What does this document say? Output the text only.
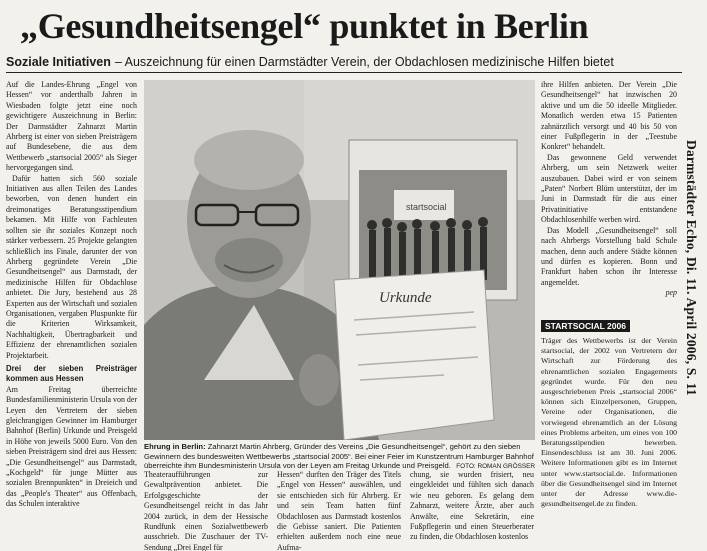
„Gesundheitsengel“ punktet in Berlin
Soziale Initiativen – Auszeichnung für einen Darmstädter Verein, der Obdachlosen medizinische Hilfen bietet

Auf die Landes-Ehrung „Engel von Hessen“ vor anderthalb Jahren in Wiesbaden folgte jetzt eine noch gewichtigere Auszeichnung in Berlin: Der Darmstädter Zahnarzt Martin Ahrberg ist einer von sieben Preisträgern auf Bundesebene, die aus dem Wettbewerb „startsocial 2005“ als Sieger hervorgegangen sind.

Dafür hatten sich 560 soziale Initiativen aus allen Teilen des Landes beworben, von denen hundert ein dreimonatiges Beratungsstipendium bekamen. Mit Hilfe von Fachleuten sollten sie ihr soziales Konzept noch stärker verbessern. 25 Projekte gelangten schließlich ins Finale, darunter der von Ahrberg gegründete Verein „Die Gesundheitsengel“ aus Darmstadt, der medizinische Hilfen für Obdachlose anbietet. Die Jury, bestehend aus 28 Experten aus der Wirtschaft und sozialen Organisationen, vergaben Pluspunkte für die Kriterien Wirksamkeit, Nachhaltigkeit, Übertragbarkeit und Effizienz der ehrenamtlichen sozialen Projektarbeit.

Drei der sieben Preisträger kommen aus Hessen

Am Freitag überreichte Bundesfamilienministerin Ursula von der Leyen den Vertretern der sieben gleichrangigen Gewinner im Hamburger Bahnhof (Berlin) Urkunde und Preisgeld in Höhe von jeweils 5000 Euro. Von den sieben Preisträgern sind drei aus Hessen: „Die Gesundheitsengel“ aus Darmstadt, „Kochgeld“ für junge Mütter aus sozialen Brennpunkten“ in Dreieich und das „People's Theater“ aus Offenbach, das Schulen interaktive

startsocial
Urkunde
Ehrung in Berlin: Zahnarzt Martin Ahrberg, Gründer des Vereins „Die Gesundheitsengel“, gehört zu den sieben Gewinnern des bundesweiten Wettbewerbs „startsocial 2005“. Bei einer Feier im Kunstzentrum Hamburger Bahnhof überreichte ihm Bundesministerin Ursula von der Leyen am Freitag Urkunde und Preisgeld. FOTO: ROMAN GRÖSSER

Theateraufführungen zur Gewaltprävention anbietet. Die Erfolgsgeschichte der Gesundheitsengel reicht in das Jahr 2004 zurück, in dem der Hessische Rundfunk einen Sozialwettbewerb ausschrieb. Die Zuschauer der TV-Sendung „Drei Engel für

Hessen“ durften den Träger des Titels „Engel von Hessen“ auswählen, und sie entschieden sich für Ahrberg. Er und sein Team hatten fünf Obdachlosen aus Darmstadt kostenlos die Gebisse saniert. Die Patienten erhielten außerdem noch eine neue Aufma-

chung, sie wurden frisiert, neu eingekleidet und fühlten sich danach wie neu geboren. Es gelang dem Zahnarzt, weitere Ärzte, aber auch Anwälte, eine Sekretärin, eine Fußpflegerin und einen Steuerberater zu finden, die Obdachlosen kostenlos

ihre Hilfen anbieten. Der Verein „Die Gesundheitsengel“ hat inzwischen 20 aktive und um die 50 ideelle Mitglieder. Monatlich werden etwa 15 Patienten zahnärztlich versorgt und 40 bis 50 von einer Fußpflegerin in der „Teestube Konkret“ behandelt.

Das gewonnene Geld verwendet Ahrberg, um sein Netzwerk weiter auszubauen. Dabei wird er von seinem „Paten“ Norbert Blüm unterstützt, der im Juni in Darmstadt für die aus einer Privatinitiative entstandene Obdachlosenhilfe werben wird.

Das Modell „Gesundheitsengel“ soll nach Ahrbergs Vorstellung bald Schule machen, denn auch andere Städte können und dürfen es kopieren. Bonn und Frankfurt haben schon ihr Interesse angemeldet.

pep

STARTSOCIAL 2006

Träger des Wettbewerbs ist der Verein startsocial, der 2002 von Vertretern der Wirtschaft zur Förderung des ehrenamtlichen sozialen Engagements gegründet wurde. Für den neu ausgeschriebenen Preis „startsocial 2006“ können sich Einzelpersonen, Gruppen, Vereine oder Organisationen, die vorwiegend ehrenamtlich an der Lösung eines Problems arbeiten, um eines von 100 Beratungsstipendien bewerben. Einsendeschluss ist am 30. Juni 2006. Weitere Informationen gibt es im Internet unter www.startsocial.de. Informationen über die Gesundheitsengel sind im Internet unter der Adresse www.die-gesundheitsengel.de zu finden.

Darmstädter Echo, Di. 11. April 2006, S. 11
